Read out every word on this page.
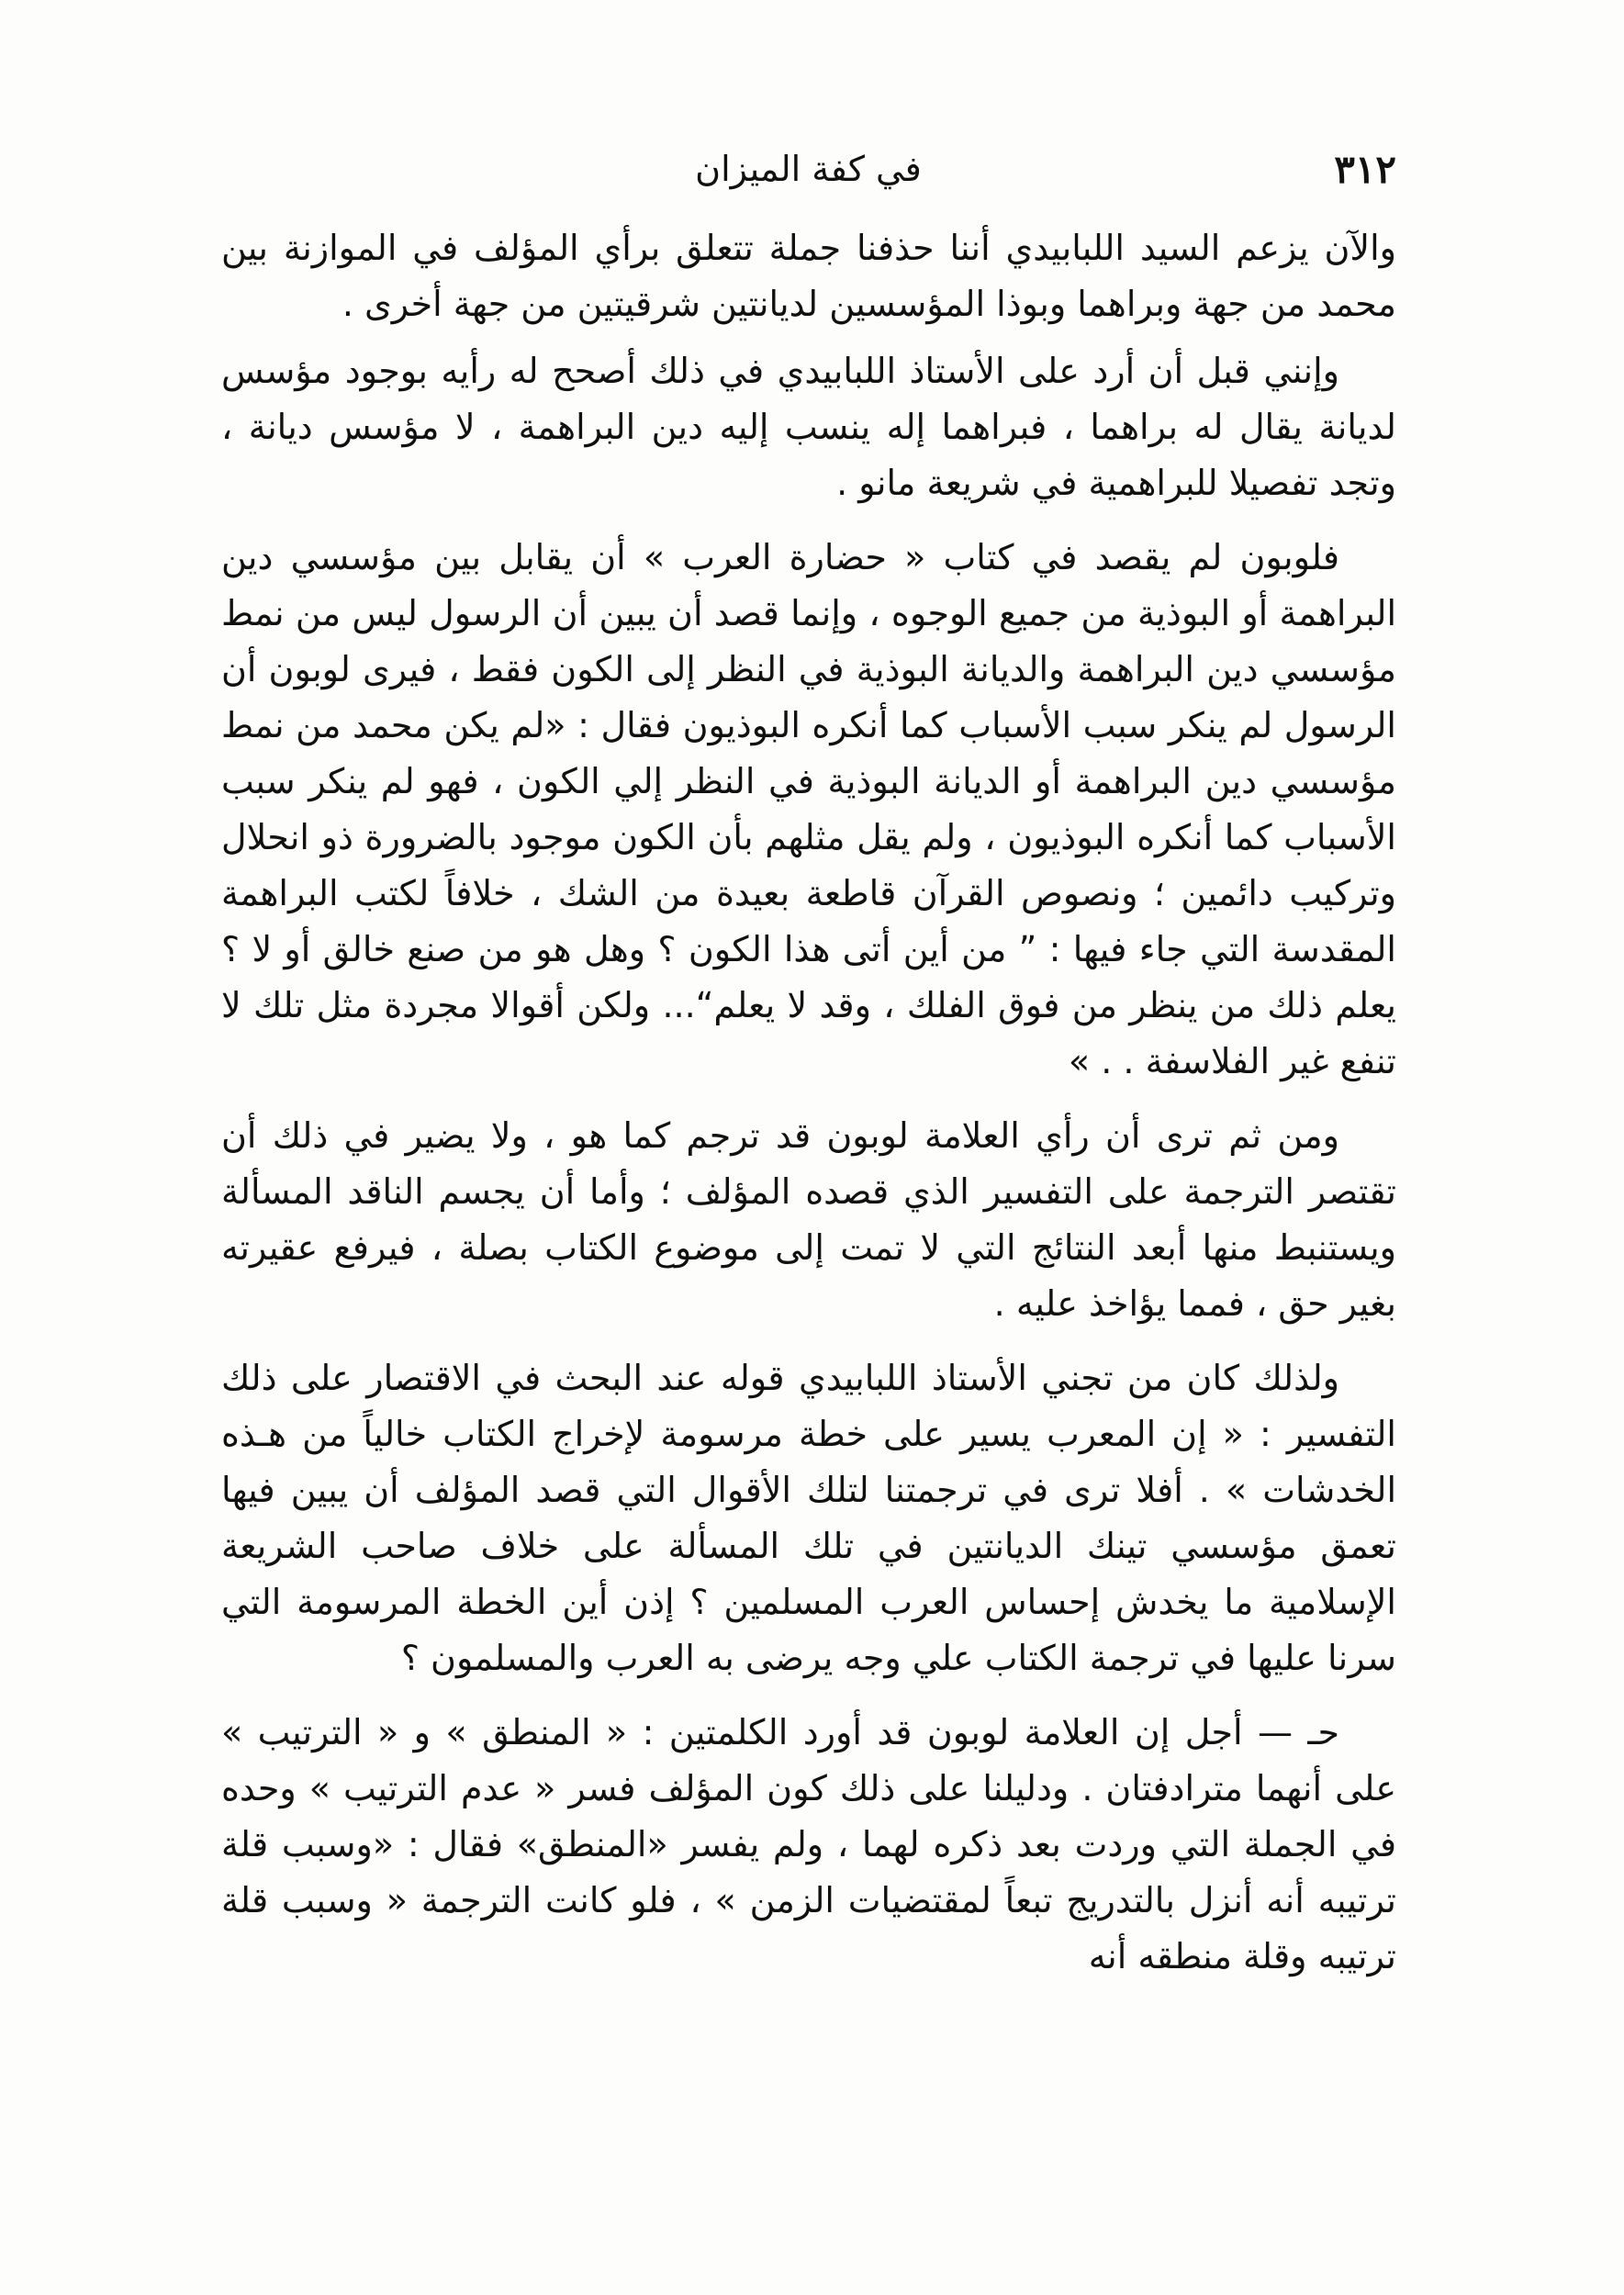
٣١٢
في كفة الميزان

والآن يزعم السيد اللبابيدي أننا حذفنا جملة تتعلق برأي المؤلف في الموازنة بين محمد من جهة وبراهما وبوذا المؤسسين لديانتين شرقيتين من جهة أخرى .

وإنني قبل أن أرد على الأستاذ اللبابيدي في ذلك أصحح له رأيه بوجود مؤسس لديانة يقال له براهما ، فبراهما إله ينسب إليه دين البراهمة ، لا مؤسس ديانة ، وتجد تفصيلا للبراهمية في شريعة مانو .

فلوبون لم يقصد في كتاب « حضارة العرب » أن يقابل بين مؤسسي دين البراهمة أو البوذية من جميع الوجوه ، وإنما قصد أن يبين أن الرسول ليس من نمط مؤسسي دين البراهمة والديانة البوذية في النظر إلى الكون فقط ، فيرى لوبون أن الرسول لم ينكر سبب الأسباب كما أنكره البوذيون فقال : «لم يكن محمد من نمط مؤسسي دين البراهمة أو الديانة البوذية في النظر إلي الكون ، فهو لم ينكر سبب الأسباب كما أنكره البوذيون ، ولم يقل مثلهم بأن الكون موجود بالضرورة ذو انحلال وتركيب دائمين ؛ ونصوص القرآن قاطعة بعيدة من الشك ، خلافاً لكتب البراهمة المقدسة التي جاء فيها : ” من أين أتى هذا الكون ؟ وهل هو من صنع خالق أو لا ؟ يعلم ذلك من ينظر من فوق الفلك ، وقد لا يعلم“... ولكن أقوالا مجردة مثل تلك لا تنفع غير الفلاسفة . . »

ومن ثم ترى أن رأي العلامة لوبون قد ترجم كما هو ، ولا يضير في ذلك أن تقتصر الترجمة على التفسير الذي قصده المؤلف ؛ وأما أن يجسم الناقد المسألة ويستنبط منها أبعد النتائج التي لا تمت إلى موضوع الكتاب بصلة ، فيرفع عقيرته بغير حق ، فمما يؤاخذ عليه .

ولذلك كان من تجني الأستاذ اللبابيدي قوله عند البحث في الاقتصار على ذلك التفسير : « إن المعرب يسير على خطة مرسومة لإخراج الكتاب خالياً من هـذه الخدشات » . أفلا ترى في ترجمتنا لتلك الأقوال التي قصد المؤلف أن يبين فيها تعمق مؤسسي تينك الديانتين في تلك المسألة على خلاف صاحب الشريعة الإسلامية ما يخدش إحساس العرب المسلمين ؟ إذن أين الخطة المرسومة التي سرنا عليها في ترجمة الكتاب علي وجه يرضى به العرب والمسلمون ؟

حـ — أجل إن العلامة لوبون قد أورد الكلمتين : « المنطق » و « الترتيب » على أنهما مترادفتان . ودليلنا على ذلك كون المؤلف فسر « عدم الترتيب » وحده في الجملة التي وردت بعد ذكره لهما ، ولم يفسر «المنطق» فقال : «وسبب قلة ترتيبه أنه أنزل بالتدريج تبعاً لمقتضيات الزمن » ، فلو كانت الترجمة « وسبب قلة ترتيبه وقلة منطقه أنه
